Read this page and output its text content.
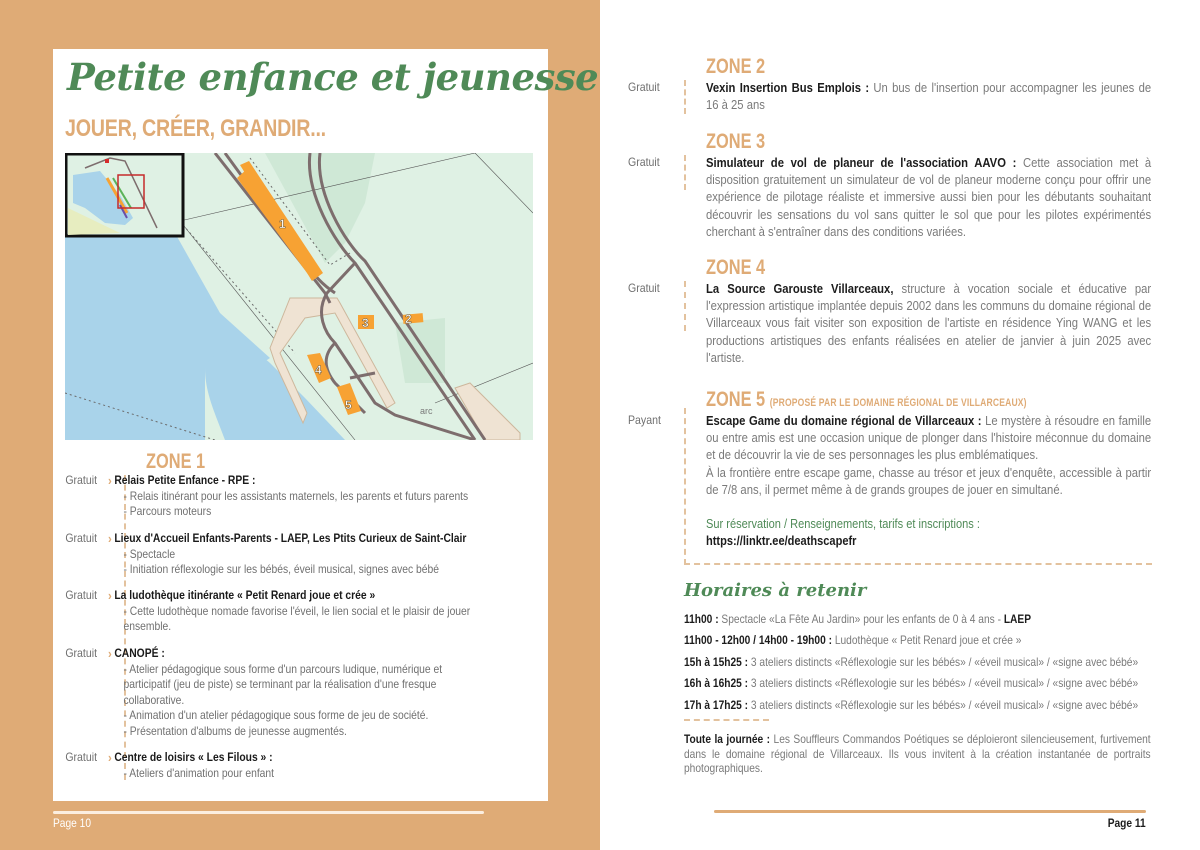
Petite enfance et jeunesse
JOUER, CRÉER, GRANDIR...
1
2
3
4
5	arc
ZONE 1
Gratuit › Relais Petite Enfance - RPE :
- Relais itinérant pour les assistants maternels, les parents et futurs parents
- Parcours moteurs
Gratuit › Lieux d'Accueil Enfants-Parents - LAEP, Les Ptits Curieux de Saint-Clair
- Spectacle
- Initiation réflexologie sur les bébés, éveil musical, signes avec bébé
Gratuit › La ludothèque itinérante « Petit Renard joue et crée »
- Cette ludothèque nomade favorise l'éveil, le lien social et le plaisir de jouer ensemble.
Gratuit › CANOPÉ :
- Atelier pédagogique sous forme d'un parcours ludique, numérique et participatif (jeu de piste) se terminant par la réalisation d'une fresque collaborative.
- Animation d'un atelier pédagogique sous forme de jeu de société.
- Présentation d'albums de jeunesse augmentés.
Gratuit › Centre de loisirs « Les Filous » :
- Ateliers d'animation pour enfant
Page 10
ZONE 2
Gratuit	Vexin Insertion Bus Emplois : Un bus de l'insertion pour accompagner les jeunes de 16 à 25 ans
ZONE 3
Gratuit	Simulateur de vol de planeur de l'association AAVO : Cette association met à disposition gratuitement un simulateur de vol de planeur moderne conçu pour offrir une expérience de pilotage réaliste et immersive aussi bien pour les débutants souhaitant découvrir les sensations du vol sans quitter le sol que pour les pilotes expérimentés cherchant à s'entraîner dans des conditions variées.
ZONE 4
Gratuit	La Source Garouste Villarceaux, structure à vocation sociale et éducative par l'expression artistique implantée depuis 2002 dans les communs du domaine régional de Villarceaux vous fait visiter son exposition de l'artiste en résidence Ying WANG et les productions artistiques des enfants réalisées en atelier de janvier à juin 2025 avec l'artiste.
ZONE 5 (PROPOSÉ PAR LE DOMAINE RÉGIONAL DE VILLARCEAUX)
Payant	Escape Game du domaine régional de Villarceaux : Le mystère à résoudre en famille ou entre amis est une occasion unique de plonger dans l'histoire méconnue du domaine et de découvrir la vie de ses personnages les plus emblématiques.
À la frontière entre escape game, chasse au trésor et jeux d'enquête, accessible à partir de 7/8 ans, il permet même à de grands groupes de jouer en simultané.
Sur réservation / Renseignements, tarifs et inscriptions :
https://linktr.ee/deathscapefr
Horaires à retenir
11h00 : Spectacle «La Fête Au Jardin» pour les enfants de 0 à 4 ans - LAEP
11h00 - 12h00 / 14h00 - 19h00 : Ludothèque « Petit Renard joue et crée »
15h à 15h25 : 3 ateliers distincts «Réflexologie sur les bébés» / «éveil musical» / «signe avec bébé»
16h à 16h25 : 3 ateliers distincts «Réflexologie sur les bébés» / «éveil musical» / «signe avec bébé»
17h à 17h25 : 3 ateliers distincts «Réflexologie sur les bébés» / «éveil musical» / «signe avec bébé»
Toute la journée : Les Souffleurs Commandos Poétiques se déploieront silencieusement, furtivement dans le domaine régional de Villarceaux. Ils vous invitent à la création instantanée de portraits photographiques.
Page 11
